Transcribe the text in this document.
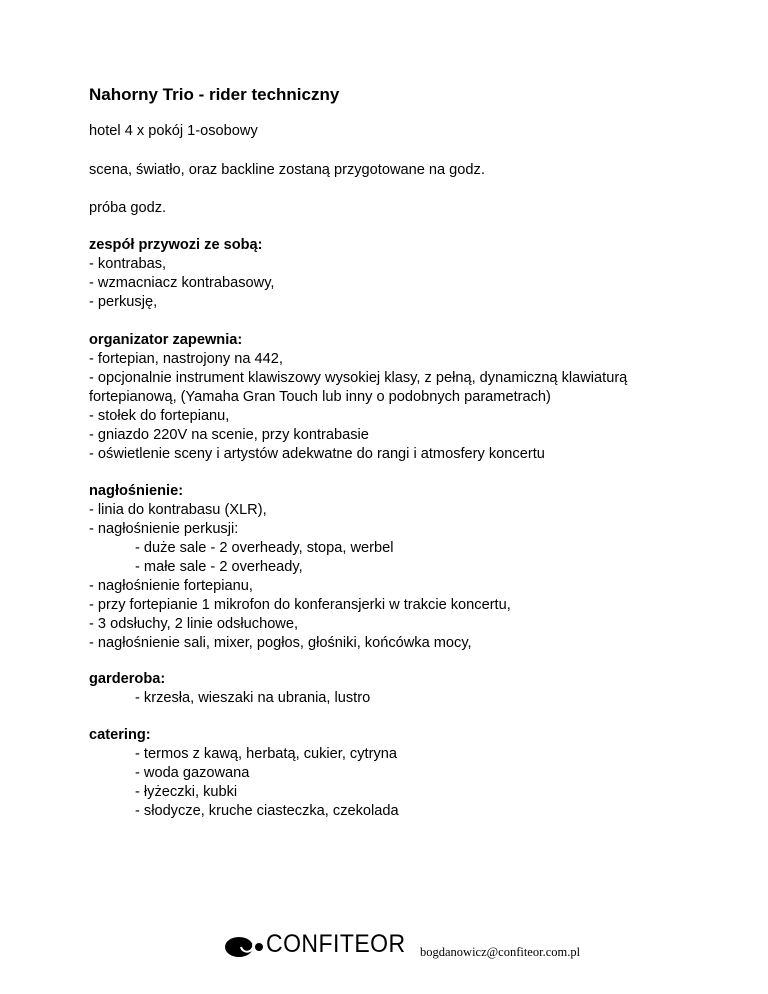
Nahorny Trio - rider techniczny
hotel 4 x pokój 1-osobowy
scena, światło, oraz backline zostaną przygotowane na godz.
próba godz.
zespół przywozi ze sobą:
- kontrabas,
- wzmacniacz kontrabasowy,
- perkusję,
organizator zapewnia:
- fortepian, nastrojony na 442,
- opcjonalnie instrument klawiszowy wysokiej klasy, z pełną, dynamiczną klawiaturą
fortepianową, (Yamaha Gran Touch lub inny o podobnych parametrach)
- stołek do fortepianu,
- gniazdo 220V na scenie, przy kontrabasie
- oświetlenie sceny i artystów adekwatne do rangi i atmosfery koncertu
nagłośnienie:
- linia do kontrabasu (XLR),
- nagłośnienie perkusji:
- duże sale - 2 overheady, stopa, werbel
- małe sale - 2 overheady,
- nagłośnienie fortepianu,
- przy fortepianie 1 mikrofon do konferansjerki w trakcie koncertu,
- 3 odsłuchy, 2 linie odsłuchowe,
- nagłośnienie sali, mixer, pogłos, głośniki, końcówka mocy,
garderoba:
- krzesła, wieszaki na ubrania, lustro
catering:
- termos z kawą, herbatą, cukier, cytryna
- woda gazowana
- łyżeczki, kubki
- słodycze, kruche ciasteczka, czekolada
CONFITEOR bogdanowicz@confiteor.com.pl
